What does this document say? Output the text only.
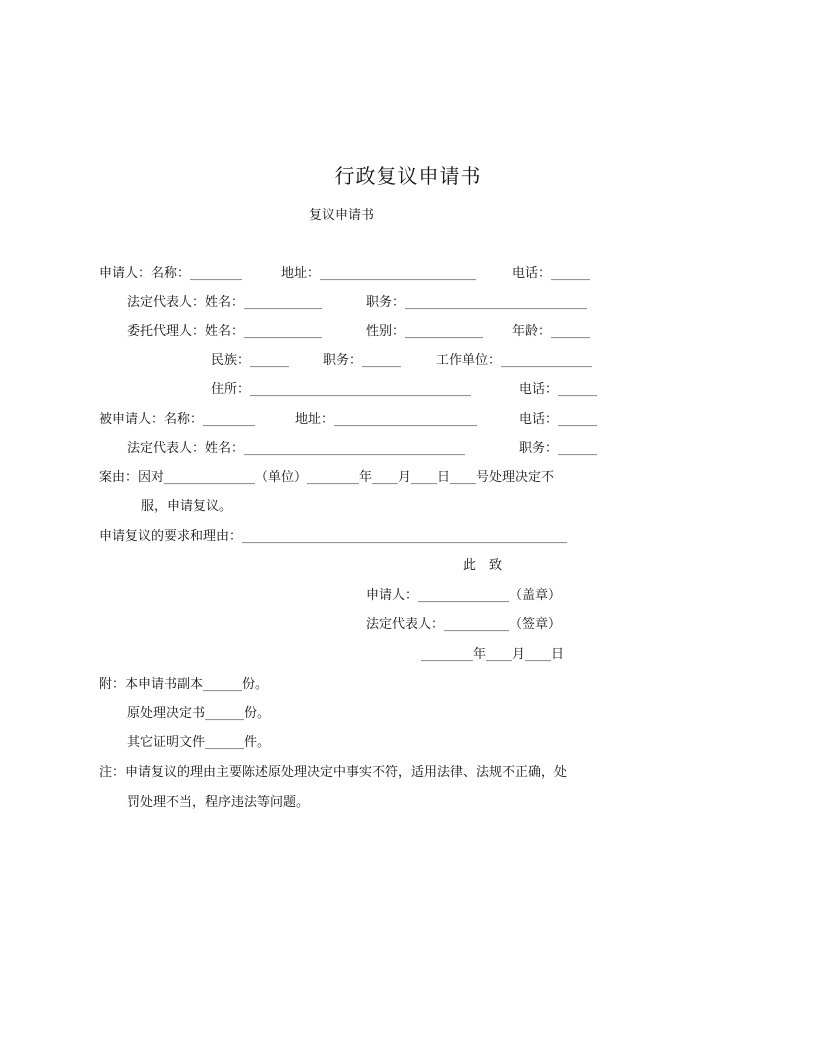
行政复议申请书
复议申请书
申请人：名称：________	地址：________________________	电话：______
法定代表人：姓名：____________	职务：____________________________
委托代理人：姓名：____________	性别：____________ 年龄：______
民族：______	职务：______	工作单位：______________
住所：__________________________________	电话：______
被申请人：名称：________	地址：______________________	电话：______
法定代表人：姓名：__________________________________	职务：______
案由：因对______________（单位）________年____月____日____号处理决定不
服，申请复议。
申请复议的要求和理由：__________________________________________________
此　致
申请人：______________（盖章）
法定代表人：__________（签章）
________年____月____日
附：本申请书副本______份。
原处理决定书______份。
其它证明文件______件。
注：申请复议的理由主要陈述原处理决定中事实不符，适用法律、法规不正确，处
罚处理不当，程序违法等问题。
